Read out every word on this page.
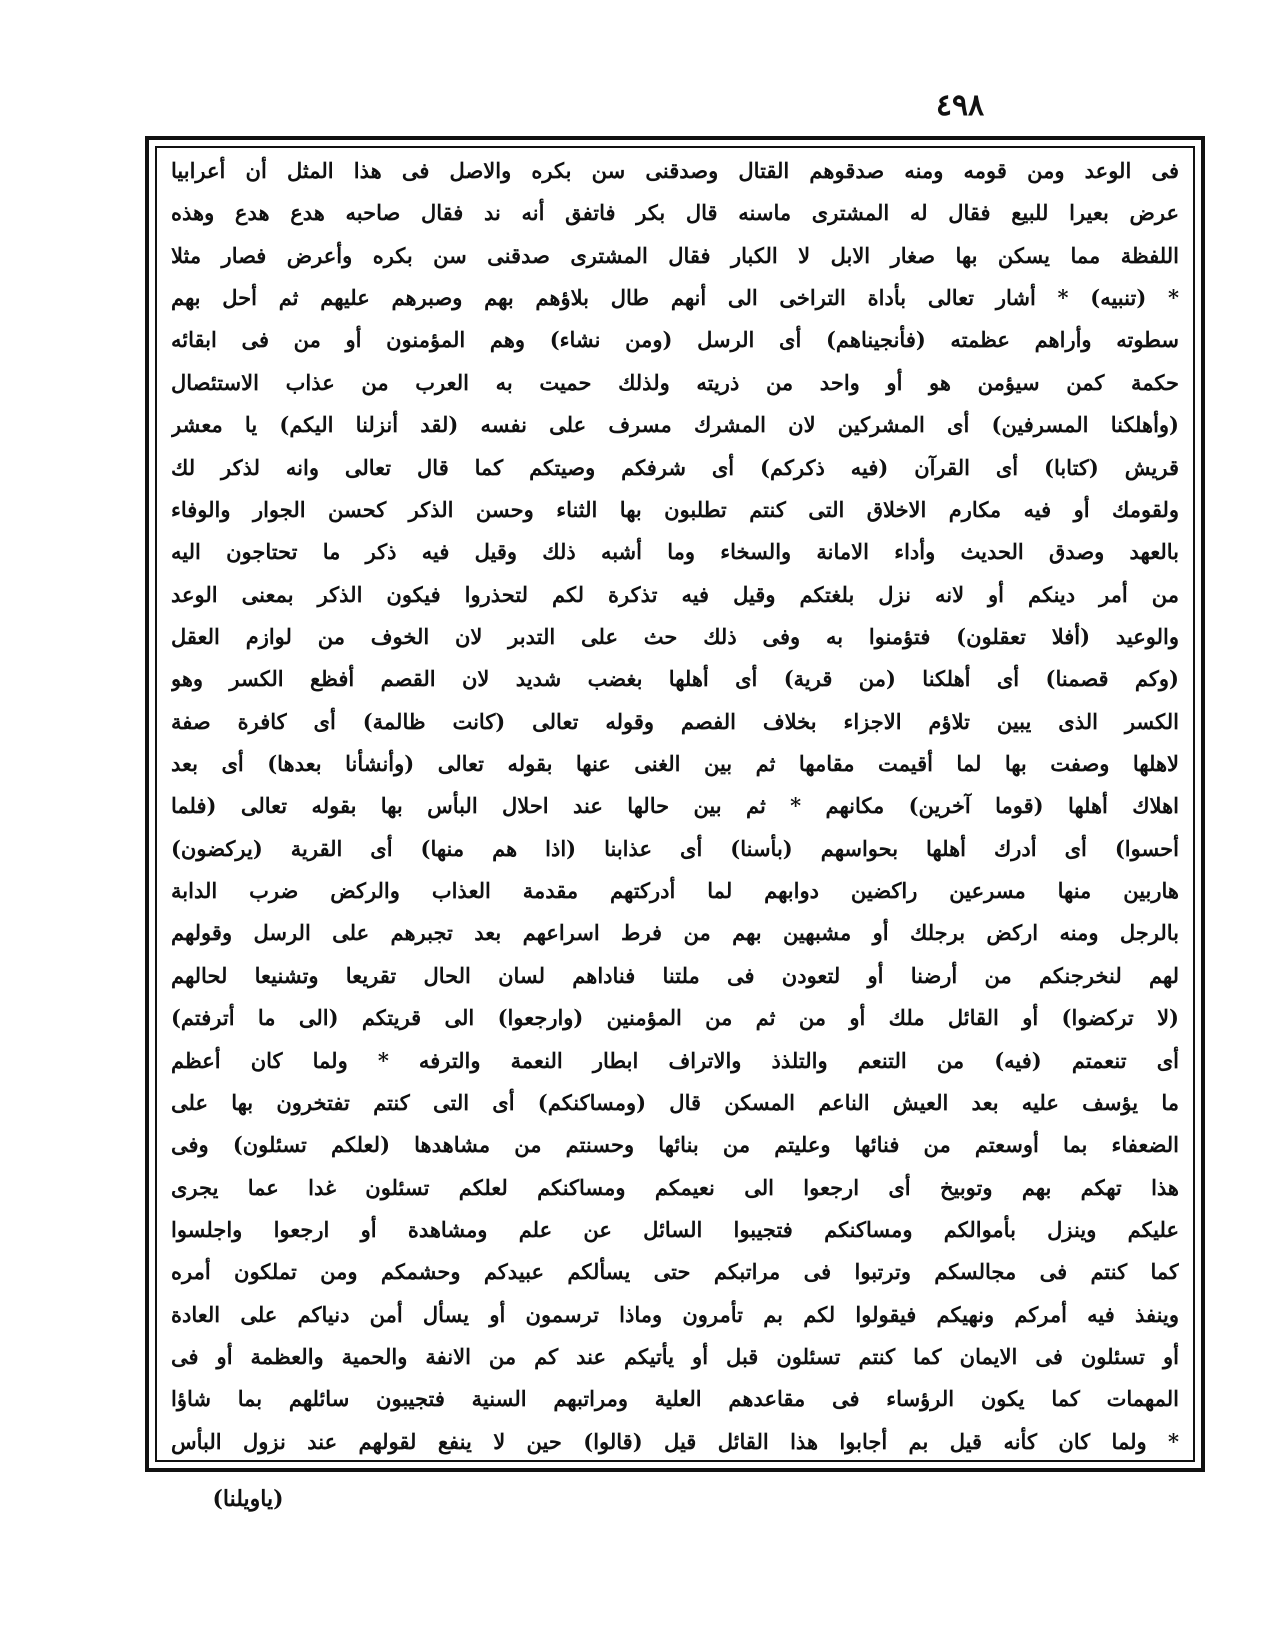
٤٩٨
فى الوعد ومن قومه ومنه صدقوهم القتال وصدقنى سن بكره والاصل فى هذا المثل أن أعرابيا
عرض بعيرا للبيع فقال له المشترى ماسنه قال بكر فاتفق أنه ند فقال صاحبه هدع هدع وهذه
اللفظة مما يسكن بها صغار الابل لا الكبار فقال المشترى صدقنى سن بكره وأعرض فصار مثلا
* (تنبيه) * أشار تعالى بأداة التراخى الى أنهم طال بلاؤهم بهم وصبرهم عليهم ثم أحل بهم
سطوته وأراهم عظمته (فأنجيناهم) أى الرسل (ومن نشاء) وهم المؤمنون أو من فى ابقائه
حكمة كمن سيؤمن هو أو واحد من ذريته ولذلك حميت به العرب من عذاب الاستئصال
(وأهلكنا المسرفين) أى المشركين لان المشرك مسرف على نفسه (لقد أنزلنا اليكم) يا معشر
قريش (كتابا) أى القرآن (فيه ذكركم) أى شرفكم وصيتكم كما قال تعالى وانه لذكر لك
ولقومك أو فيه مكارم الاخلاق التى كنتم تطلبون بها الثناء وحسن الذكر كحسن الجوار والوفاء
بالعهد وصدق الحديث وأداء الامانة والسخاء وما أشبه ذلك وقيل فيه ذكر ما تحتاجون اليه
من أمر دينكم أو لانه نزل بلغتكم وقيل فيه تذكرة لكم لتحذروا فيكون الذكر بمعنى الوعد
والوعيد (أفلا تعقلون) فتؤمنوا به وفى ذلك حث على التدبر لان الخوف من لوازم العقل
(وكم قصمنا) أى أهلكنا (من قرية) أى أهلها بغضب شديد لان القصم أفظع الكسر وهو
الكسر الذى يبين تلاؤم الاجزاء بخلاف الفصم وقوله تعالى (كانت ظالمة) أى كافرة صفة
لاهلها وصفت بها لما أقيمت مقامها ثم بين الغنى عنها بقوله تعالى (وأنشأنا بعدها) أى بعد
اهلاك أهلها (قوما آخرين) مكانهم * ثم بين حالها عند احلال البأس بها بقوله تعالى (فلما
أحسوا) أى أدرك أهلها بحواسهم (بأسنا) أى عذابنا (اذا هم منها) أى القرية (يركضون)
هاربين منها مسرعين راكضين دوابهم لما أدركتهم مقدمة العذاب والركض ضرب الدابة
بالرجل ومنه اركض برجلك أو مشبهين بهم من فرط اسراعهم بعد تجبرهم على الرسل وقولهم
لهم لنخرجنكم من أرضنا أو لتعودن فى ملتنا فناداهم لسان الحال تقريعا وتشنيعا لحالهم
(لا تركضوا) أو القائل ملك أو من ثم من المؤمنين (وارجعوا) الى قريتكم (الى ما أترفتم)
أى تنعمتم (فيه) من التنعم والتلذذ والاتراف ابطار النعمة والترفه * ولما كان أعظم
ما يؤسف عليه بعد العيش الناعم المسكن قال (ومساكنكم) أى التى كنتم تفتخرون بها على
الضعفاء بما أوسعتم من فنائها وعليتم من بنائها وحسنتم من مشاهدها (لعلكم تسئلون) وفى
هذا تهكم بهم وتوبيخ أى ارجعوا الى نعيمكم ومساكنكم لعلكم تسئلون غدا عما يجرى
عليكم وينزل بأموالكم ومساكنكم فتجيبوا السائل عن علم ومشاهدة أو ارجعوا واجلسوا
كما كنتم فى مجالسكم وترتبوا فى مراتبكم حتى يسألكم عبيدكم وحشمكم ومن تملكون أمره
وينفذ فيه أمركم ونهيكم فيقولوا لكم بم تأمرون وماذا ترسمون أو يسأل أمن دنياكم على العادة
أو تسئلون فى الايمان كما كنتم تسئلون قبل أو يأتيكم عند كم من الانفة والحمية والعظمة أو فى
المهمات كما يكون الرؤساء فى مقاعدهم العلية ومراتبهم السنية فتجيبون سائلهم بما شاؤا
* ولما كان كأنه قيل بم أجابوا هذا القائل قيل (قالوا) حين لا ينفع لقولهم عند نزول البأس
(ياويلنا)
